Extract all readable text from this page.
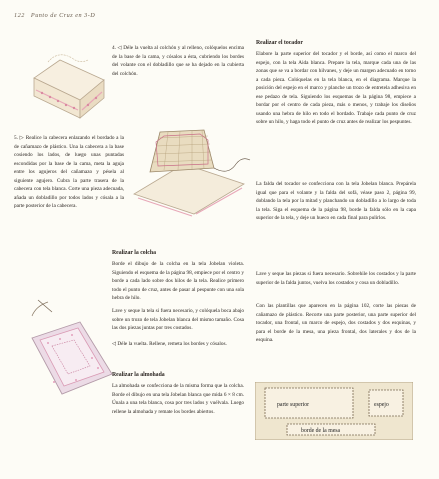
122 Punto de Cruz en 3-D
4. ◁ Déle la vuelta al colchón y al relleno, colóquelos encima de la base de la cama, y cósalos a ésta, cubriendo los bordes del volante con el dobladillo que se ha dejado en la cubierta del colchón.
5. ▷ Realice la cabecera enlazando el bordado a la de cañamazo de plástico. Una la cabecera a la base cosiendo los lados, de luego unas puntadas escondidas por la base de la cama, meta la aguja entre los agujeros del cañamazo y pésela al siguiente agujero. Cubra la parte trasera de la cabecera con tela blanca. Corte una pieza adecuada, añada un dobladillo por todos lados y cósala a la parte posterior de la cabecera.
Realizar la colcha
Borde el dibujo de la colcha en la tela Jobelan violeta. Siguiendo el esquema de la página 98, empiece por el centro y borde a cada lado sobre dos hilos de la tela. Realice primero todo el punto de cruz, antes de pasar al pespunte con una sola hebra de hilo.
Lave y seque la tela si fuera necesario, y colóquela boca abajo sobre un trozo de tela Jobelan blanca del mismo tamaño. Cosa las dos piezas juntas por tres costados.
◁ Déle la vuelta. Rellene, remeta los bordes y cósalos.
Realizar la almohada
La almohada se confecciona de la misma forma que la colcha. Borde el dibujo en una tela Jobelan blanca que mida 6 × 8 cm. Únala a una tela blanca, cosa por tres lados y vuélvala. Luego rellene la almohada y remate los bordes abiertos.
Realizar el tocador
Elabore la parte superior del tocador y el borde, así como el marco del espejo, con la tela Aida blanca. Prepare la tela, marque cada una de las zonas que se va a bordar con hilvanes, y deje un margen adecuado en torno a cada pieza. Colóquelas en la tela blanca, en el diagrama. Marque la posición del espejo en el marco y planche un trozo de entretela adhesiva en ese pedazo de tela. Siguiendo los esquemas de la página 98, empiece a bordar por el centro de cada pieza, más o menos, y trabaje los diseños usando una hebra de hilo en todo el bordado. Trabaje cada punto de cruz sobre un hilo, y haga todo el punto de cruz antes de realizar los pespuntes.
La falda del tocador se confecciona con la tela Jobelan blanca. Prepárela igual que para el volante y la falda del sofá, véase paso 2, página 99, doblando la tela por la mitad y planchando un dobladillo a lo largo de toda la tela. Siga el esquema de la página 98, borde la falda sólo en la capa superior de la tela, y deje un hueco en cada final para pulirlos.
Lave y seque las piezas si fuera necesario. Sobrehile los costados y la parte superior de la falda juntos, vuelva los costados y cosa un dobladillo.
Con las plantillas que aparecen en la página 102, corte las piezas de cañamazo de plástico. Recorte una parte posterior, una parte superior del tocador, una frontal, un marco de espejo, dos costados y dos esquinas, y para el borde de la mesa, una pieza frontal, dos laterales y dos de la esquina.
parte superior	espejo
borde de la mesa
